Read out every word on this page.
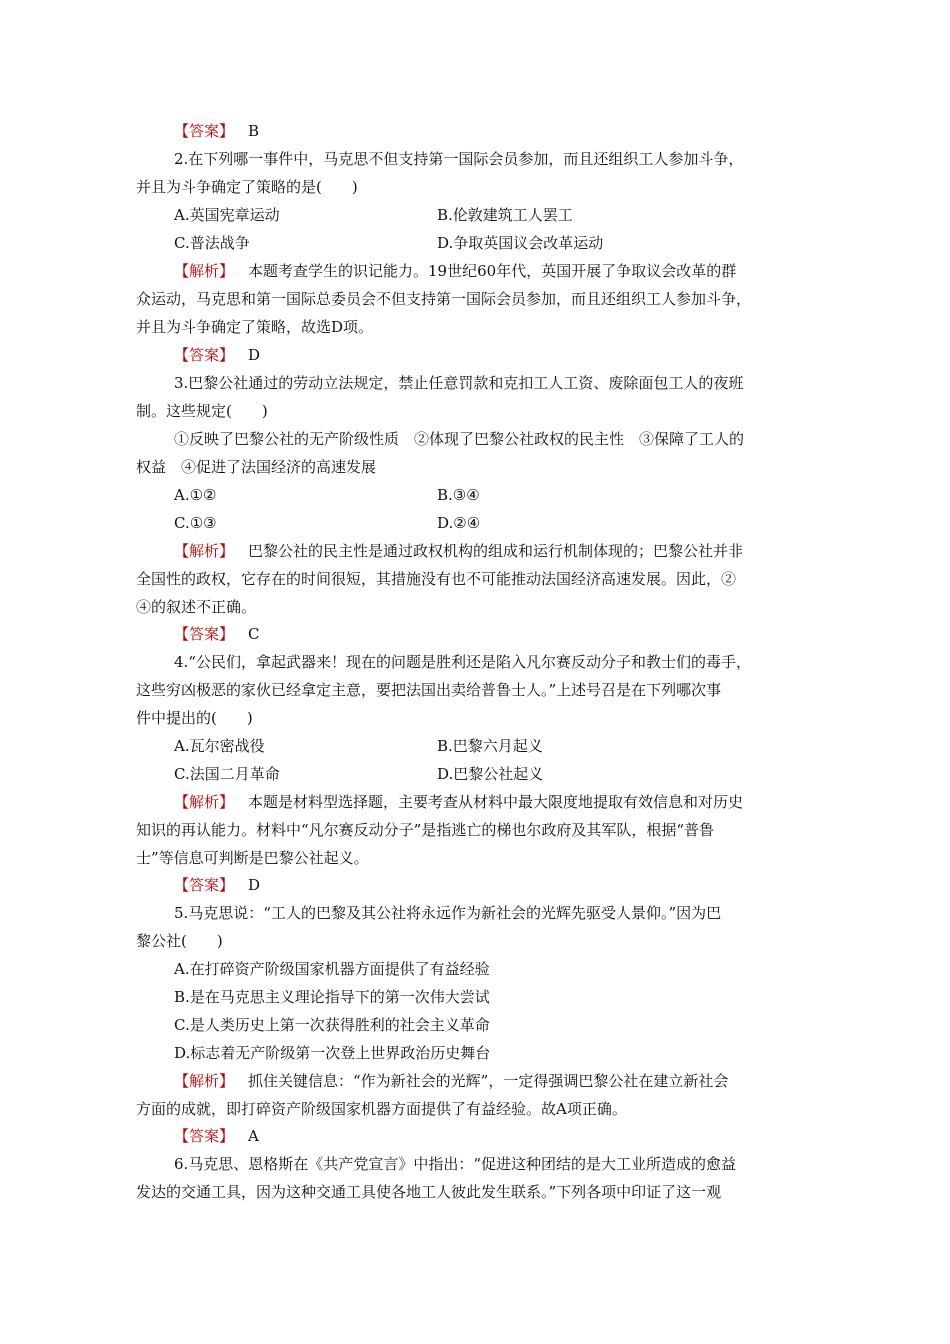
【答案】 B
2.在下列哪一事件中，马克思不但支持第一国际会员参加，而且还组织工人参加斗争，
并且为斗争确定了策略的是(　　)
A.英国宪章运动	B.伦敦建筑工人罢工
C.普法战争	D.争取英国议会改革运动
【解析】 本题考查学生的识记能力。19世纪60年代，英国开展了争取议会改革的群
众运动，马克思和第一国际总委员会不但支持第一国际会员参加，而且还组织工人参加斗争，
并且为斗争确定了策略，故选D项。
【答案】 D
3.巴黎公社通过的劳动立法规定，禁止任意罚款和克扣工人工资、废除面包工人的夜班
制。这些规定(　　)
①反映了巴黎公社的无产阶级性质　②体现了巴黎公社政权的民主性　③保障了工人的
权益　④促进了法国经济的高速发展
A.①②	B.③④
C.①③	D.②④
【解析】 巴黎公社的民主性是通过政权机构的组成和运行机制体现的；巴黎公社并非
全国性的政权，它存在的时间很短，其措施没有也不可能推动法国经济高速发展。因此，②
④的叙述不正确。
【答案】 C
4.“公民们，拿起武器来！现在的问题是胜利还是陷入凡尔赛反动分子和教士们的毒手，
这些穷凶极恶的家伙已经拿定主意，要把法国出卖给普鲁士人。”上述号召是在下列哪次事
件中提出的(　　)
A.瓦尔密战役	B.巴黎六月起义
C.法国二月革命	D.巴黎公社起义
【解析】 本题是材料型选择题，主要考查从材料中最大限度地提取有效信息和对历史
知识的再认能力。材料中“凡尔赛反动分子”是指逃亡的梯也尔政府及其军队，根据“普鲁
士”等信息可判断是巴黎公社起义。
【答案】 D
5.马克思说：“工人的巴黎及其公社将永远作为新社会的光辉先驱受人景仰。”因为巴
黎公社(　　)
A.在打碎资产阶级国家机器方面提供了有益经验
B.是在马克思主义理论指导下的第一次伟大尝试
C.是人类历史上第一次获得胜利的社会主义革命
D.标志着无产阶级第一次登上世界政治历史舞台
【解析】 抓住关键信息：“作为新社会的光辉”，一定得强调巴黎公社在建立新社会
方面的成就，即打碎资产阶级国家机器方面提供了有益经验。故A项正确。
【答案】 A
6.马克思、恩格斯在《共产党宣言》中指出：“促进这种团结的是大工业所造成的愈益
发达的交通工具，因为这种交通工具使各地工人彼此发生联系。”下列各项中印证了这一观
